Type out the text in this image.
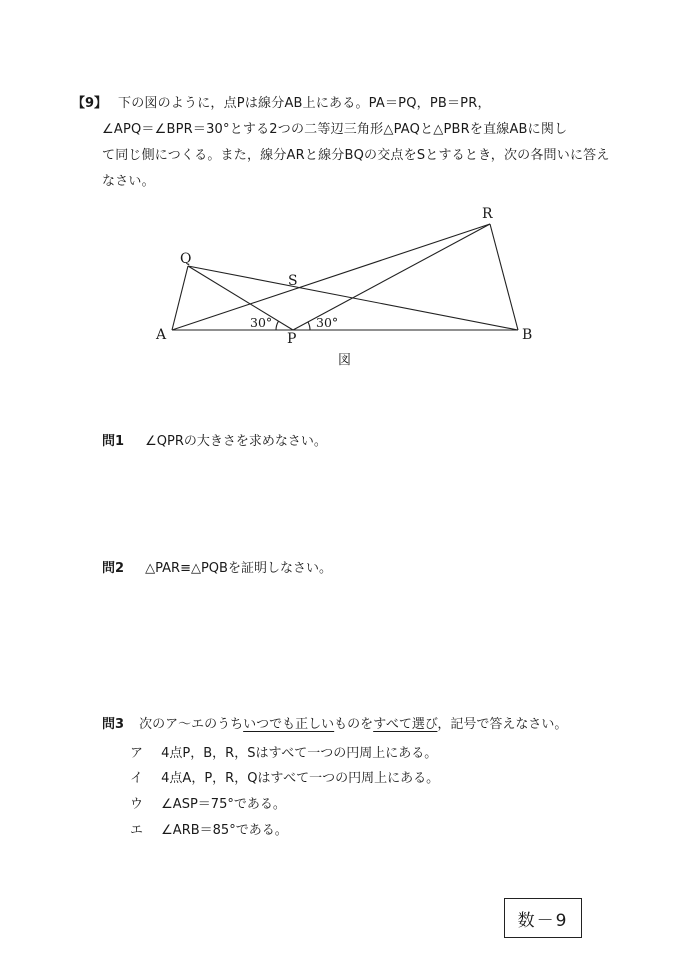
【9】 下の図のように，点Pは線分AB上にある。PA＝PQ，PB＝PR，
∠APQ＝∠BPR＝30°とする2つの二等辺三角形△PAQと△PBRを直線ABに関し
て同じ側につくる。また，線分ARと線分BQの交点をSとするとき，次の各問いに答え
なさい。
Q
R
S
A	P	B
30°	30°
図
問1 ∠QPRの大きさを求めなさい。
問2 △PAR≡△PQBを証明しなさい。
問3 次のア～エのうちいつでも正しいものをすべて選び，記号で答えなさい。
ア 4点P，B，R，Sはすべて一つの円周上にある。
イ 4点A，P，R，Qはすべて一つの円周上にある。
ウ ∠ASP＝75°である。
エ ∠ARB＝85°である。
数－9
